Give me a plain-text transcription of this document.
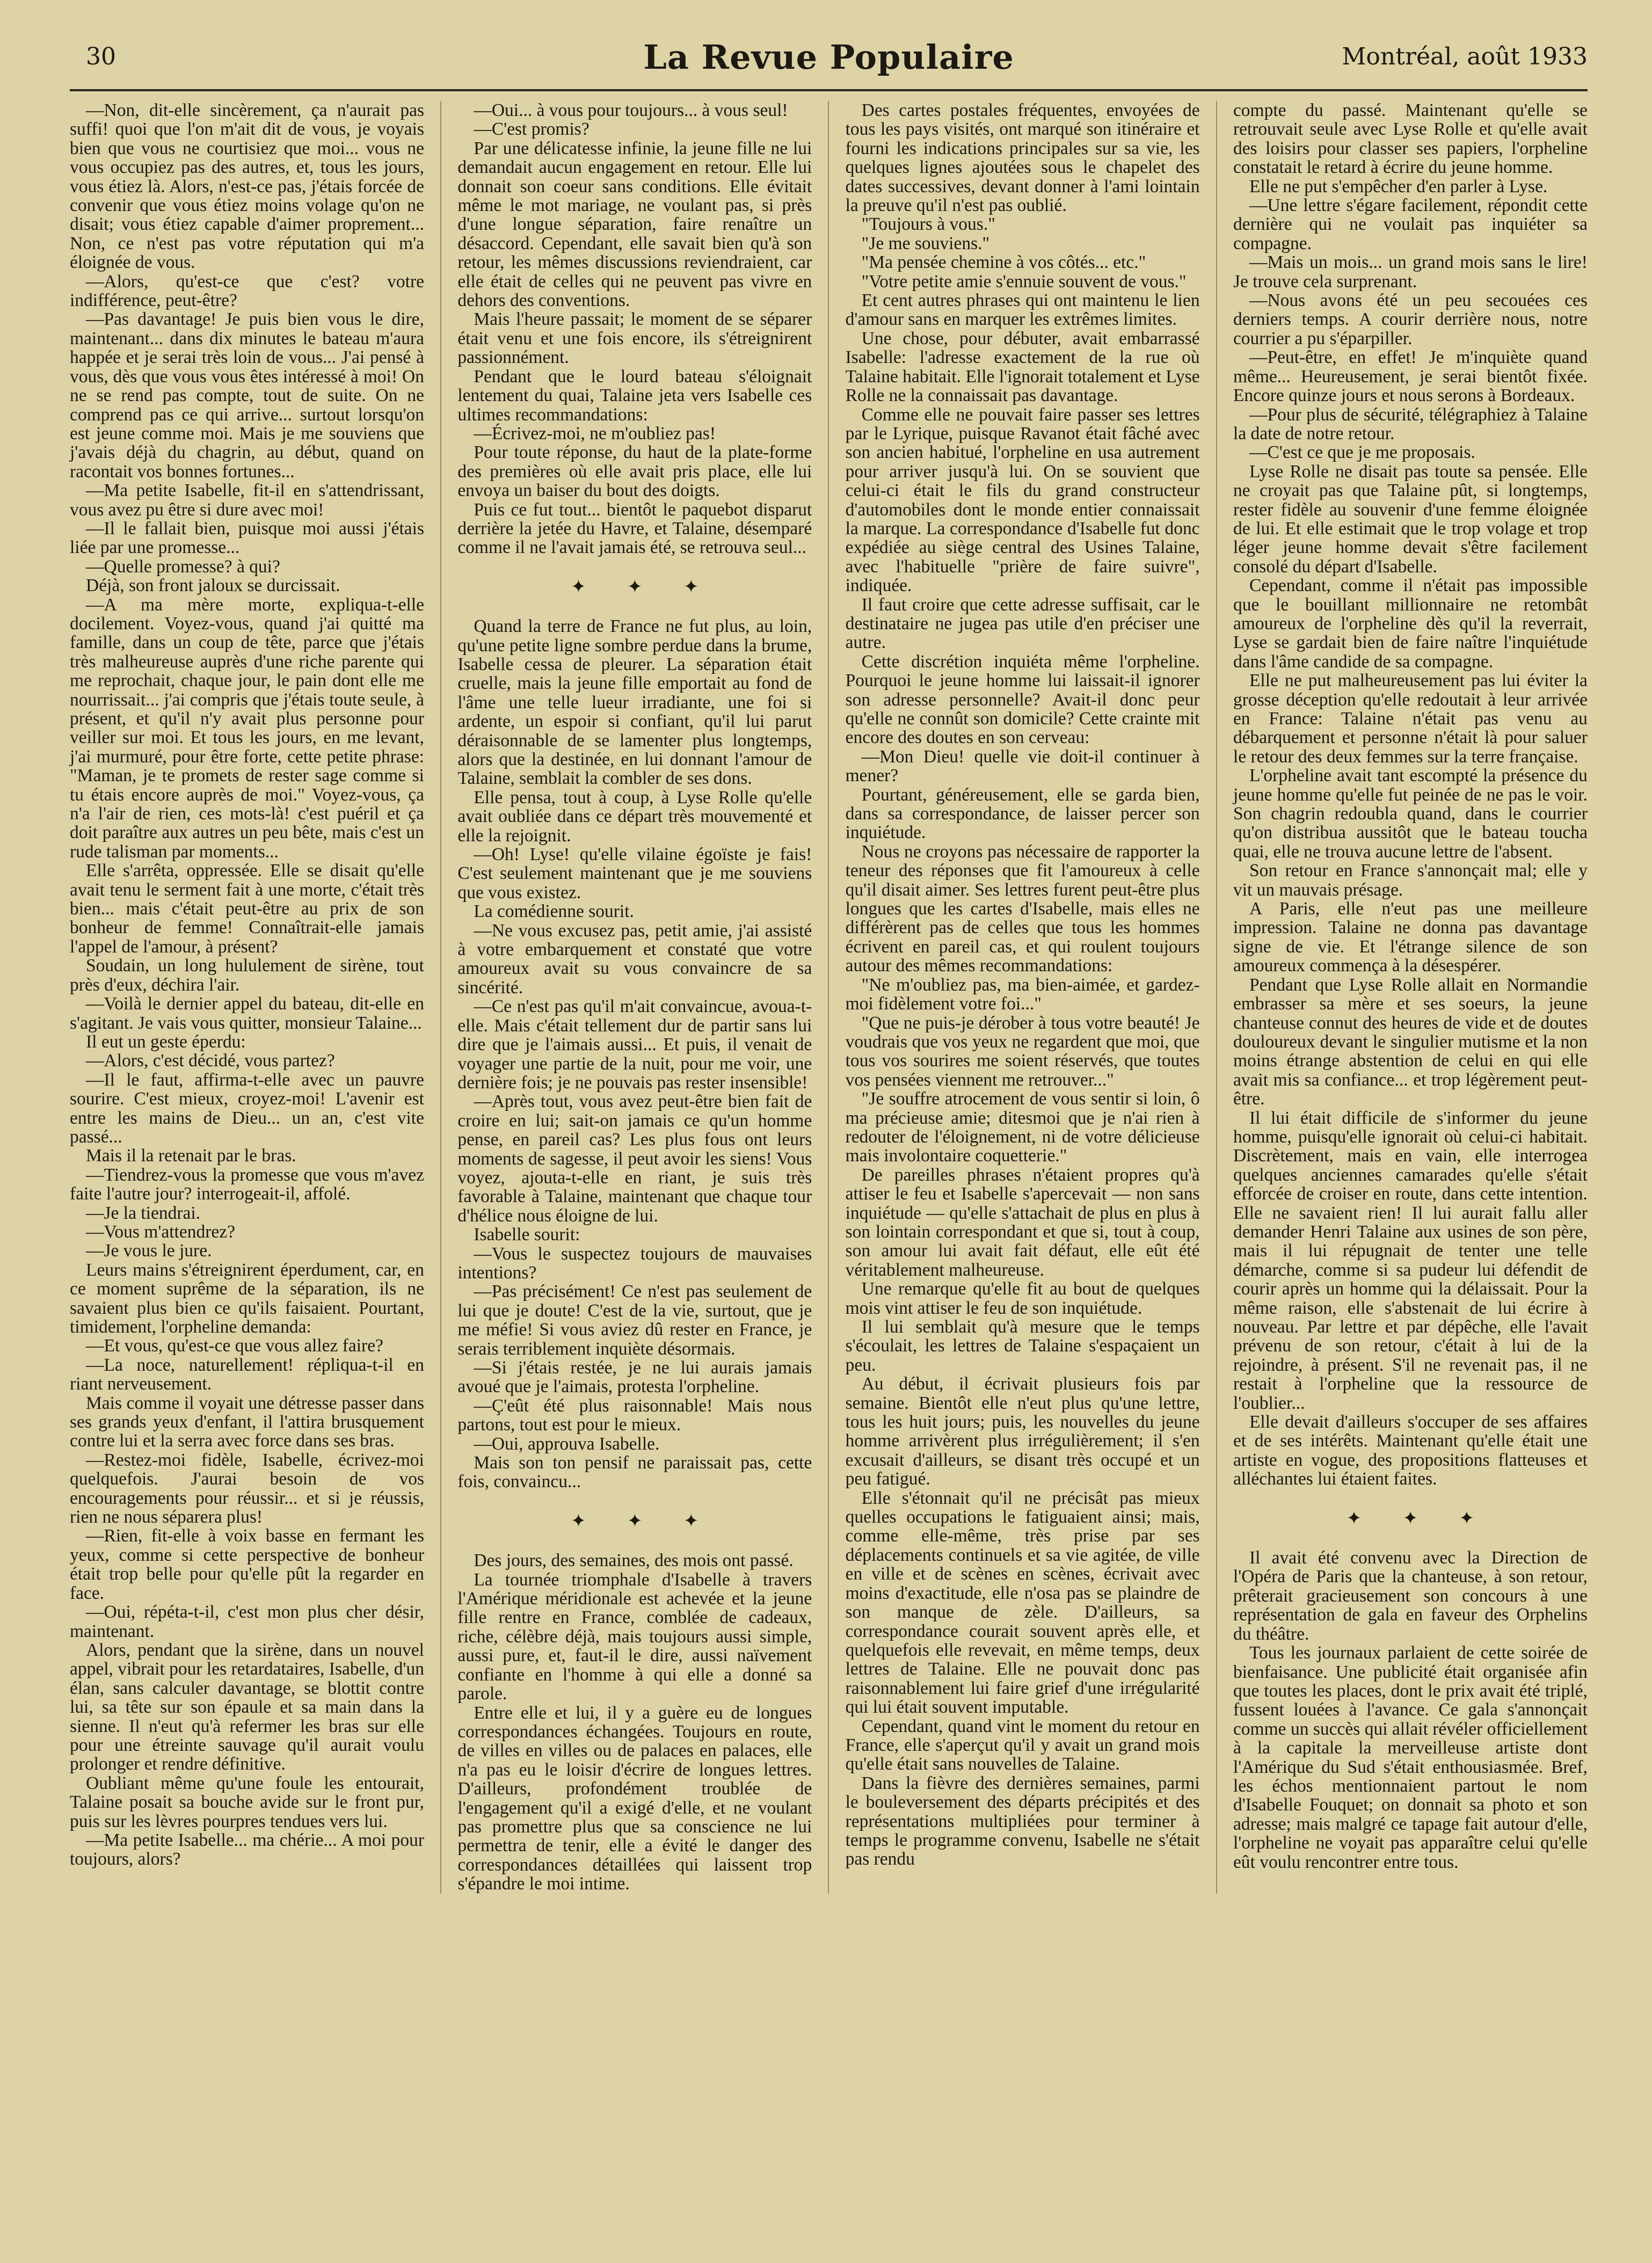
30	La Revue Populaire	Montréal, août 1933

—Non, dit-elle sincèrement, ça n'aurait pas suffi! quoi que l'on m'ait dit de vous, je voyais bien que vous ne courtisiez que moi... vous ne vous occupiez pas des autres, et, tous les jours, vous étiez là. Alors, n'est-ce pas, j'étais forcée de convenir que vous étiez moins volage qu'on ne disait; vous étiez capable d'aimer proprement... Non, ce n'est pas votre réputation qui m'a éloignée de vous.

—Alors, qu'est-ce que c'est? votre indifférence, peut-être?

—Pas davantage! Je puis bien vous le dire, maintenant... dans dix minutes le bateau m'aura happée et je serai très loin de vous... J'ai pensé à vous, dès que vous vous êtes intéressé à moi! On ne se rend pas compte, tout de suite. On ne comprend pas ce qui arrive... surtout lorsqu'on est jeune comme moi. Mais je me souviens que j'avais déjà du chagrin, au début, quand on racontait vos bonnes fortunes...

—Ma petite Isabelle, fit-il en s'attendrissant, vous avez pu être si dure avec moi!

—Il le fallait bien, puisque moi aussi j'étais liée par une promesse...

—Quelle promesse? à qui?

Déjà, son front jaloux se durcissait.

—A ma mère morte, expliqua-t-elle docilement. Voyez-vous, quand j'ai quitté ma famille, dans un coup de tête, parce que j'étais très malheureuse auprès d'une riche parente qui me reprochait, chaque jour, le pain dont elle me nourrissait... j'ai compris que j'étais toute seule, à présent, et qu'il n'y avait plus personne pour veiller sur moi. Et tous les jours, en me levant, j'ai murmuré, pour être forte, cette petite phrase: "Maman, je te promets de rester sage comme si tu étais encore auprès de moi." Voyez-vous, ça n'a l'air de rien, ces mots-là! c'est puéril et ça doit paraître aux autres un peu bête, mais c'est un rude talisman par moments...

Elle s'arrêta, oppressée. Elle se disait qu'elle avait tenu le serment fait à une morte, c'était très bien... mais c'était peut-être au prix de son bonheur de femme! Connaîtrait-elle jamais l'appel de l'amour, à présent?

Soudain, un long hululement de sirène, tout près d'eux, déchira l'air.

—Voilà le dernier appel du bateau, dit-elle en s'agitant. Je vais vous quitter, monsieur Talaine...

Il eut un geste éperdu:

—Alors, c'est décidé, vous partez?

—Il le faut, affirma-t-elle avec un pauvre sourire. C'est mieux, croyez-moi! L'avenir est entre les mains de Dieu... un an, c'est vite passé...

Mais il la retenait par le bras.

—Tiendrez-vous la promesse que vous m'avez faite l'autre jour? interrogeait-il, affolé.

—Je la tiendrai.

—Vous m'attendrez?

—Je vous le jure.

Leurs mains s'étreignirent éperdument, car, en ce moment suprême de la séparation, ils ne savaient plus bien ce qu'ils faisaient. Pourtant, timidement, l'orpheline demanda:

—Et vous, qu'est-ce que vous allez faire?

—La noce, naturellement! répliqua-t-il en riant nerveusement.

Mais comme il voyait une détresse passer dans ses grands yeux d'enfant, il l'attira brusquement contre lui et la serra avec force dans ses bras.

—Restez-moi fidèle, Isabelle, écrivez-moi quelquefois. J'aurai besoin de vos encouragements pour réussir... et si je réussis, rien ne nous séparera plus!

—Rien, fit-elle à voix basse en fermant les yeux, comme si cette perspective de bonheur était trop belle pour qu'elle pût la regarder en face.

—Oui, répéta-t-il, c'est mon plus cher désir, maintenant.

Alors, pendant que la sirène, dans un nouvel appel, vibrait pour les retardataires, Isabelle, d'un élan, sans calculer davantage, se blottit contre lui, sa tête sur son épaule et sa main dans la sienne. Il n'eut qu'à refermer les bras sur elle pour une étreinte sauvage qu'il aurait voulu prolonger et rendre définitive.

Oubliant même qu'une foule les entourait, Talaine posait sa bouche avide sur le front pur, puis sur les lèvres pourpres tendues vers lui.

—Ma petite Isabelle... ma chérie... A moi pour toujours, alors?

—Oui... à vous pour toujours... à vous seul!

—C'est promis?

Par une délicatesse infinie, la jeune fille ne lui demandait aucun engagement en retour. Elle lui donnait son coeur sans conditions. Elle évitait même le mot mariage, ne voulant pas, si près d'une longue séparation, faire renaître un désaccord. Cependant, elle savait bien qu'à son retour, les mêmes discussions reviendraient, car elle était de celles qui ne peuvent pas vivre en dehors des conventions.

Mais l'heure passait; le moment de se séparer était venu et une fois encore, ils s'étreignirent passionnément.

Pendant que le lourd bateau s'éloignait lentement du quai, Talaine jeta vers Isabelle ces ultimes recommandations:

—Écrivez-moi, ne m'oubliez pas!

Pour toute réponse, du haut de la plate-forme des premières où elle avait pris place, elle lui envoya un baiser du bout des doigts.

Puis ce fut tout... bientôt le paquebot disparut derrière la jetée du Havre, et Talaine, désemparé comme il ne l'avait jamais été, se retrouva seul...

✦ ✦ ✦

Quand la terre de France ne fut plus, au loin, qu'une petite ligne sombre perdue dans la brume, Isabelle cessa de pleurer. La séparation était cruelle, mais la jeune fille emportait au fond de l'âme une telle lueur irradiante, une foi si ardente, un espoir si confiant, qu'il lui parut déraisonnable de se lamenter plus longtemps, alors que la destinée, en lui donnant l'amour de Talaine, semblait la combler de ses dons.

Elle pensa, tout à coup, à Lyse Rolle qu'elle avait oubliée dans ce départ très mouvementé et elle la rejoignit.

—Oh! Lyse! qu'elle vilaine égoïste je fais! C'est seulement maintenant que je me souviens que vous existez.

La comédienne sourit.

—Ne vous excusez pas, petit amie, j'ai assisté à votre embarquement et constaté que votre amoureux avait su vous convaincre de sa sincérité.

—Ce n'est pas qu'il m'ait convaincue, avoua-t-elle. Mais c'était tellement dur de partir sans lui dire que je l'aimais aussi... Et puis, il venait de voyager une partie de la nuit, pour me voir, une dernière fois; je ne pouvais pas rester insensible!

—Après tout, vous avez peut-être bien fait de croire en lui; sait-on jamais ce qu'un homme pense, en pareil cas? Les plus fous ont leurs moments de sagesse, il peut avoir les siens! Vous voyez, ajouta-t-elle en riant, je suis très favorable à Talaine, maintenant que chaque tour d'hélice nous éloigne de lui.

Isabelle sourit:

—Vous le suspectez toujours de mauvaises intentions?

—Pas précisément! Ce n'est pas seulement de lui que je doute! C'est de la vie, surtout, que je me méfie! Si vous aviez dû rester en France, je serais terriblement inquiète désormais.

—Si j'étais restée, je ne lui aurais jamais avoué que je l'aimais, protesta l'orpheline.

—Ç'eût été plus raisonnable! Mais nous partons, tout est pour le mieux.

—Oui, approuva Isabelle.

Mais son ton pensif ne paraissait pas, cette fois, convaincu...

✦ ✦ ✦

Des jours, des semaines, des mois ont passé.

La tournée triomphale d'Isabelle à travers l'Amérique méridionale est achevée et la jeune fille rentre en France, comblée de cadeaux, riche, célèbre déjà, mais toujours aussi simple, aussi pure, et, faut-il le dire, aussi naïvement confiante en l'homme à qui elle a donné sa parole.

Entre elle et lui, il y a guère eu de longues correspondances échangées. Toujours en route, de villes en villes ou de palaces en palaces, elle n'a pas eu le loisir d'écrire de longues lettres. D'ailleurs, profondément troublée de l'engagement qu'il a exigé d'elle, et ne voulant pas promettre plus que sa conscience ne lui permettra de tenir, elle a évité le danger des correspondances détaillées qui laissent trop s'épandre le moi intime.

Des cartes postales fréquentes, envoyées de tous les pays visités, ont marqué son itinéraire et fourni les indications principales sur sa vie, les quelques lignes ajoutées sous le chapelet des dates successives, devant donner à l'ami lointain la preuve qu'il n'est pas oublié.

"Toujours à vous."

"Je me souviens."

"Ma pensée chemine à vos côtés... etc."

"Votre petite amie s'ennuie souvent de vous."

Et cent autres phrases qui ont maintenu le lien d'amour sans en marquer les extrêmes limites.

Une chose, pour débuter, avait embarrassé Isabelle: l'adresse exactement de la rue où Talaine habitait. Elle l'ignorait totalement et Lyse Rolle ne la connaissait pas davantage.

Comme elle ne pouvait faire passer ses lettres par le Lyrique, puisque Ravanot était fâché avec son ancien habitué, l'orpheline en usa autrement pour arriver jusqu'à lui. On se souvient que celui-ci était le fils du grand constructeur d'automobiles dont le monde entier connaissait la marque. La correspondance d'Isabelle fut donc expédiée au siège central des Usines Talaine, avec l'habituelle "prière de faire suivre", indiquée.

Il faut croire que cette adresse suffisait, car le destinataire ne jugea pas utile d'en préciser une autre.

Cette discrétion inquiéta même l'orpheline. Pourquoi le jeune homme lui laissait-il ignorer son adresse personnelle? Avait-il donc peur qu'elle ne connût son domicile? Cette crainte mit encore des doutes en son cerveau:

—Mon Dieu! quelle vie doit-il continuer à mener?

Pourtant, généreusement, elle se garda bien, dans sa correspondance, de laisser percer son inquiétude.

Nous ne croyons pas nécessaire de rapporter la teneur des réponses que fit l'amoureux à celle qu'il disait aimer. Ses lettres furent peut-être plus longues que les cartes d'Isabelle, mais elles ne différèrent pas de celles que tous les hommes écrivent en pareil cas, et qui roulent toujours autour des mêmes recommandations:

"Ne m'oubliez pas, ma bien-aimée, et gardez-moi fidèlement votre foi..."

"Que ne puis-je dérober à tous votre beauté! Je voudrais que vos yeux ne regardent que moi, que tous vos sourires me soient réservés, que toutes vos pensées viennent me retrouver..."

"Je souffre atrocement de vous sentir si loin, ô ma précieuse amie; ditesmoi que je n'ai rien à redouter de l'éloignement, ni de votre délicieuse mais involontaire coquetterie."

De pareilles phrases n'étaient propres qu'à attiser le feu et Isabelle s'apercevait — non sans inquiétude — qu'elle s'attachait de plus en plus à son lointain correspondant et que si, tout à coup, son amour lui avait fait défaut, elle eût été véritablement malheureuse.

Une remarque qu'elle fit au bout de quelques mois vint attiser le feu de son inquiétude.

Il lui semblait qu'à mesure que le temps s'écoulait, les lettres de Talaine s'espaçaient un peu.

Au début, il écrivait plusieurs fois par semaine. Bientôt elle n'eut plus qu'une lettre, tous les huit jours; puis, les nouvelles du jeune homme arrivèrent plus irrégulièrement; il s'en excusait d'ailleurs, se disant très occupé et un peu fatigué.

Elle s'étonnait qu'il ne précisât pas mieux quelles occupations le fatiguaient ainsi; mais, comme elle-même, très prise par ses déplacements continuels et sa vie agitée, de ville en ville et de scènes en scènes, écrivait avec moins d'exactitude, elle n'osa pas se plaindre de son manque de zèle. D'ailleurs, sa correspondance courait souvent après elle, et quelquefois elle revevait, en même temps, deux lettres de Talaine. Elle ne pouvait donc pas raisonnablement lui faire grief d'une irrégularité qui lui était souvent imputable.

Cependant, quand vint le moment du retour en France, elle s'aperçut qu'il y avait un grand mois qu'elle était sans nouvelles de Talaine.

Dans la fièvre des dernières semaines, parmi le bouleversement des départs précipités et des représentations multipliées pour terminer à temps le programme convenu, Isabelle ne s'était pas rendu

compte du passé. Maintenant qu'elle se retrouvait seule avec Lyse Rolle et qu'elle avait des loisirs pour classer ses papiers, l'orpheline constatait le retard à écrire du jeune homme.

Elle ne put s'empêcher d'en parler à Lyse.

—Une lettre s'égare facilement, répondit cette dernière qui ne voulait pas inquiéter sa compagne.

—Mais un mois... un grand mois sans le lire! Je trouve cela surprenant.

—Nous avons été un peu secouées ces derniers temps. A courir derrière nous, notre courrier a pu s'éparpiller.

—Peut-être, en effet! Je m'inquiète quand même... Heureusement, je serai bientôt fixée. Encore quinze jours et nous serons à Bordeaux.

—Pour plus de sécurité, télégraphiez à Talaine la date de notre retour.

—C'est ce que je me proposais.

Lyse Rolle ne disait pas toute sa pensée. Elle ne croyait pas que Talaine pût, si longtemps, rester fidèle au souvenir d'une femme éloignée de lui. Et elle estimait que le trop volage et trop léger jeune homme devait s'être facilement consolé du départ d'Isabelle.

Cependant, comme il n'était pas impossible que le bouillant millionnaire ne retombât amoureux de l'orpheline dès qu'il la reverrait, Lyse se gardait bien de faire naître l'inquiétude dans l'âme candide de sa compagne.

Elle ne put malheureusement pas lui éviter la grosse déception qu'elle redoutait à leur arrivée en France: Talaine n'était pas venu au débarquement et personne n'était là pour saluer le retour des deux femmes sur la terre française.

L'orpheline avait tant escompté la présence du jeune homme qu'elle fut peinée de ne pas le voir. Son chagrin redoubla quand, dans le courrier qu'on distribua aussitôt que le bateau toucha quai, elle ne trouva aucune lettre de l'absent.

Son retour en France s'annonçait mal; elle y vit un mauvais présage.

A Paris, elle n'eut pas une meilleure impression. Talaine ne donna pas davantage signe de vie. Et l'étrange silence de son amoureux commença à la désespérer.

Pendant que Lyse Rolle allait en Normandie embrasser sa mère et ses soeurs, la jeune chanteuse connut des heures de vide et de doutes douloureux devant le singulier mutisme et la non moins étrange abstention de celui en qui elle avait mis sa confiance... et trop légèrement peut-être.

Il lui était difficile de s'informer du jeune homme, puisqu'elle ignorait où celui-ci habitait. Discrètement, mais en vain, elle interrogea quelques anciennes camarades qu'elle s'était efforcée de croiser en route, dans cette intention. Elle ne savaient rien! Il lui aurait fallu aller demander Henri Talaine aux usines de son père, mais il lui répugnait de tenter une telle démarche, comme si sa pudeur lui défendit de courir après un homme qui la délaissait. Pour la même raison, elle s'abstenait de lui écrire à nouveau. Par lettre et par dépêche, elle l'avait prévenu de son retour, c'était à lui de la rejoindre, à présent. S'il ne revenait pas, il ne restait à l'orpheline que la ressource de l'oublier...

Elle devait d'ailleurs s'occuper de ses affaires et de ses intérêts. Maintenant qu'elle était une artiste en vogue, des propositions flatteuses et alléchantes lui étaient faites.

✦ ✦ ✦

Il avait été convenu avec la Direction de l'Opéra de Paris que la chanteuse, à son retour, prêterait gracieusement son concours à une représentation de gala en faveur des Orphelins du théâtre.

Tous les journaux parlaient de cette soirée de bienfaisance. Une publicité était organisée afin que toutes les places, dont le prix avait été triplé, fussent louées à l'avance. Ce gala s'annonçait comme un succès qui allait révéler officiellement à la capitale la merveilleuse artiste dont l'Amérique du Sud s'était enthousiasmée. Bref, les échos mentionnaient partout le nom d'Isabelle Fouquet; on donnait sa photo et son adresse; mais malgré ce tapage fait autour d'elle, l'orpheline ne voyait pas apparaître celui qu'elle eût voulu rencontrer entre tous.
